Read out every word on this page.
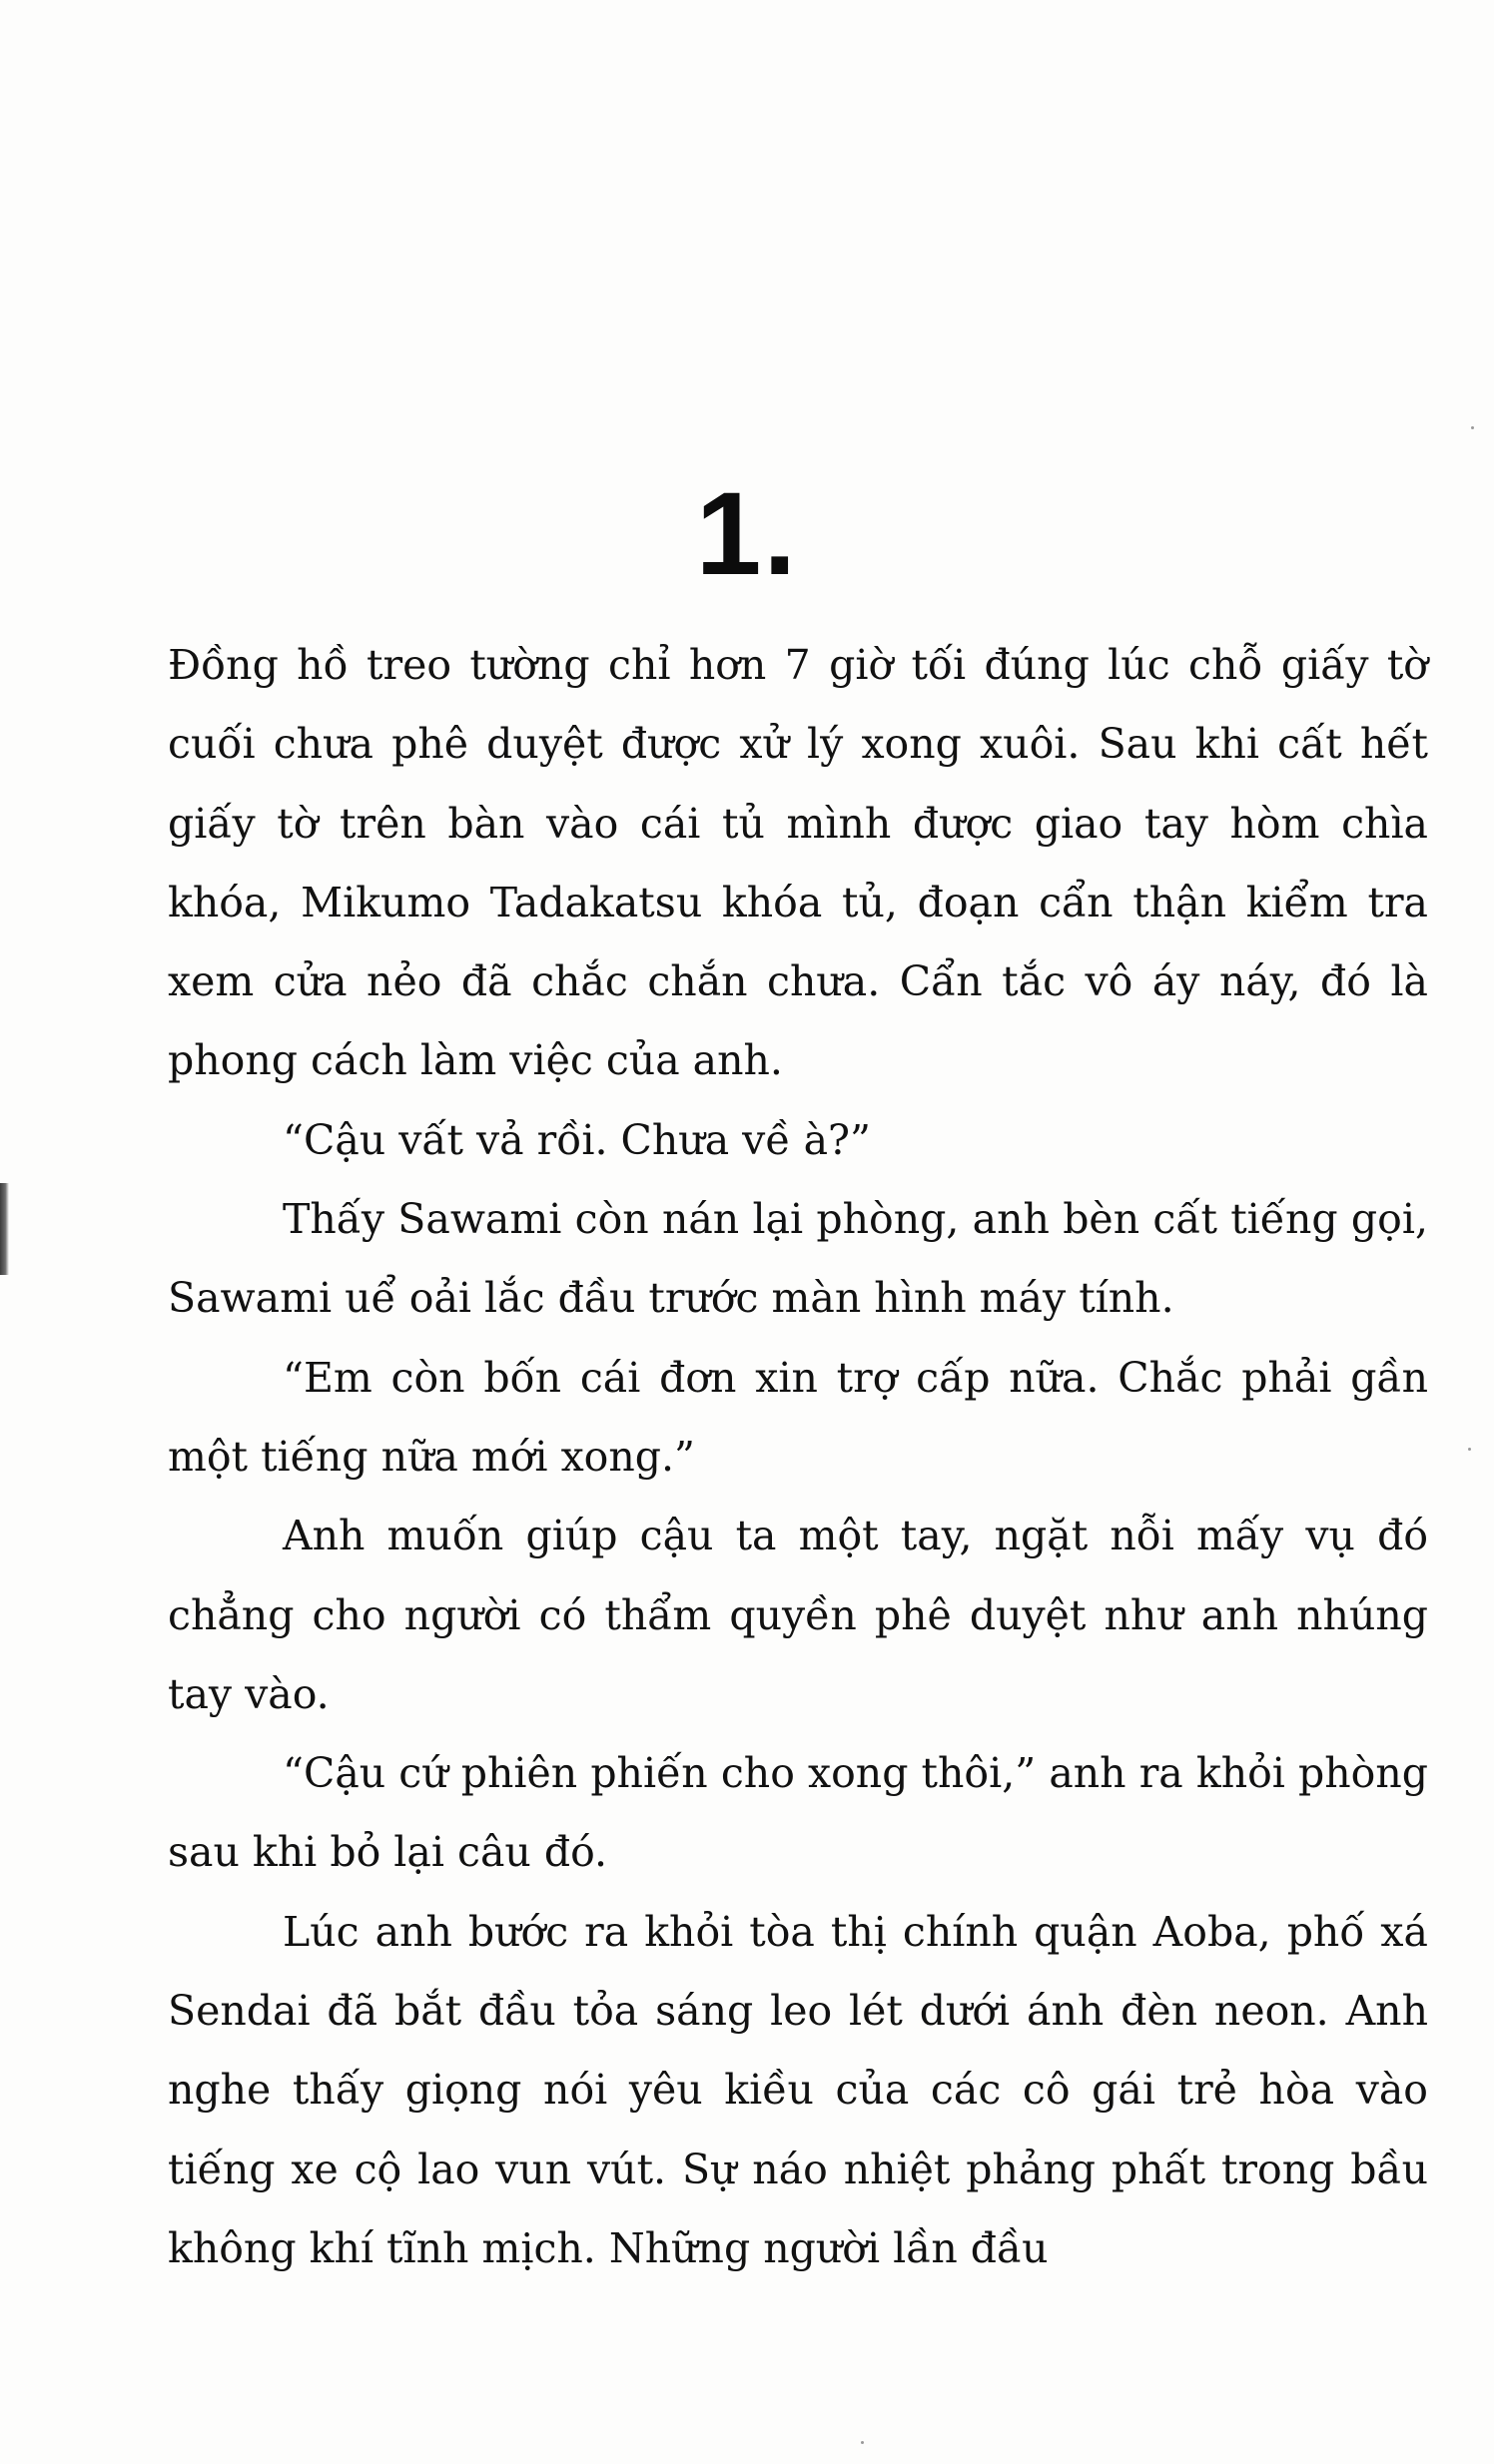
1.

Đồng hồ treo tường chỉ hơn 7 giờ tối đúng lúc chỗ giấy tờ cuối chưa phê duyệt được xử lý xong xuôi. Sau khi cất hết giấy tờ trên bàn vào cái tủ mình được giao tay hòm chìa khóa, Mikumo Tadakatsu khóa tủ, đoạn cẩn thận kiểm tra xem cửa nẻo đã chắc chắn chưa. Cẩn tắc vô áy náy, đó là phong cách làm việc của anh.

“Cậu vất vả rồi. Chưa về à?”

Thấy Sawami còn nán lại phòng, anh bèn cất tiếng gọi, Sawami uể oải lắc đầu trước màn hình máy tính.

“Em còn bốn cái đơn xin trợ cấp nữa. Chắc phải gần một tiếng nữa mới xong.”

Anh muốn giúp cậu ta một tay, ngặt nỗi mấy vụ đó chẳng cho người có thẩm quyền phê duyệt như anh nhúng tay vào.

“Cậu cứ phiên phiến cho xong thôi,” anh ra khỏi phòng sau khi bỏ lại câu đó.

Lúc anh bước ra khỏi tòa thị chính quận Aoba, phố xá Sendai đã bắt đầu tỏa sáng leo lét dưới ánh đèn neon. Anh nghe thấy giọng nói yêu kiều của các cô gái trẻ hòa vào tiếng xe cộ lao vun vút. Sự náo nhiệt phảng phất trong bầu không khí tĩnh mịch. Những người lần đầu
